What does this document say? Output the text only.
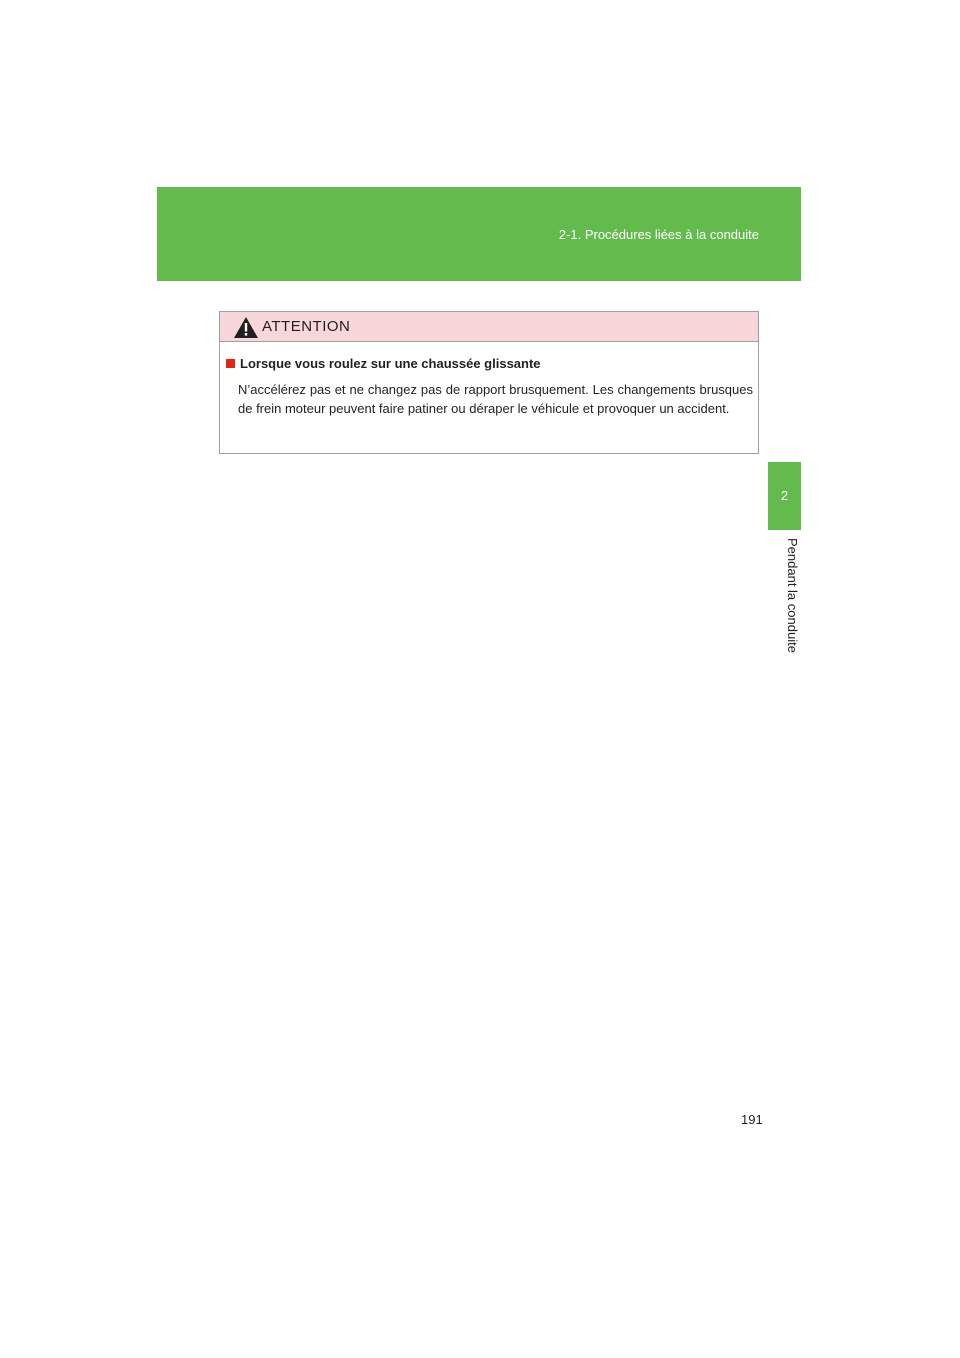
2-1. Procédures liées à la conduite
2
Pendant la conduite
ATTENTION
Lorsque vous roulez sur une chaussée glissante

N’accélérez pas et ne changez pas de rapport brusquement. Les changements brusques de frein moteur peuvent faire patiner ou déraper le véhicule et provoquer un accident.

191
